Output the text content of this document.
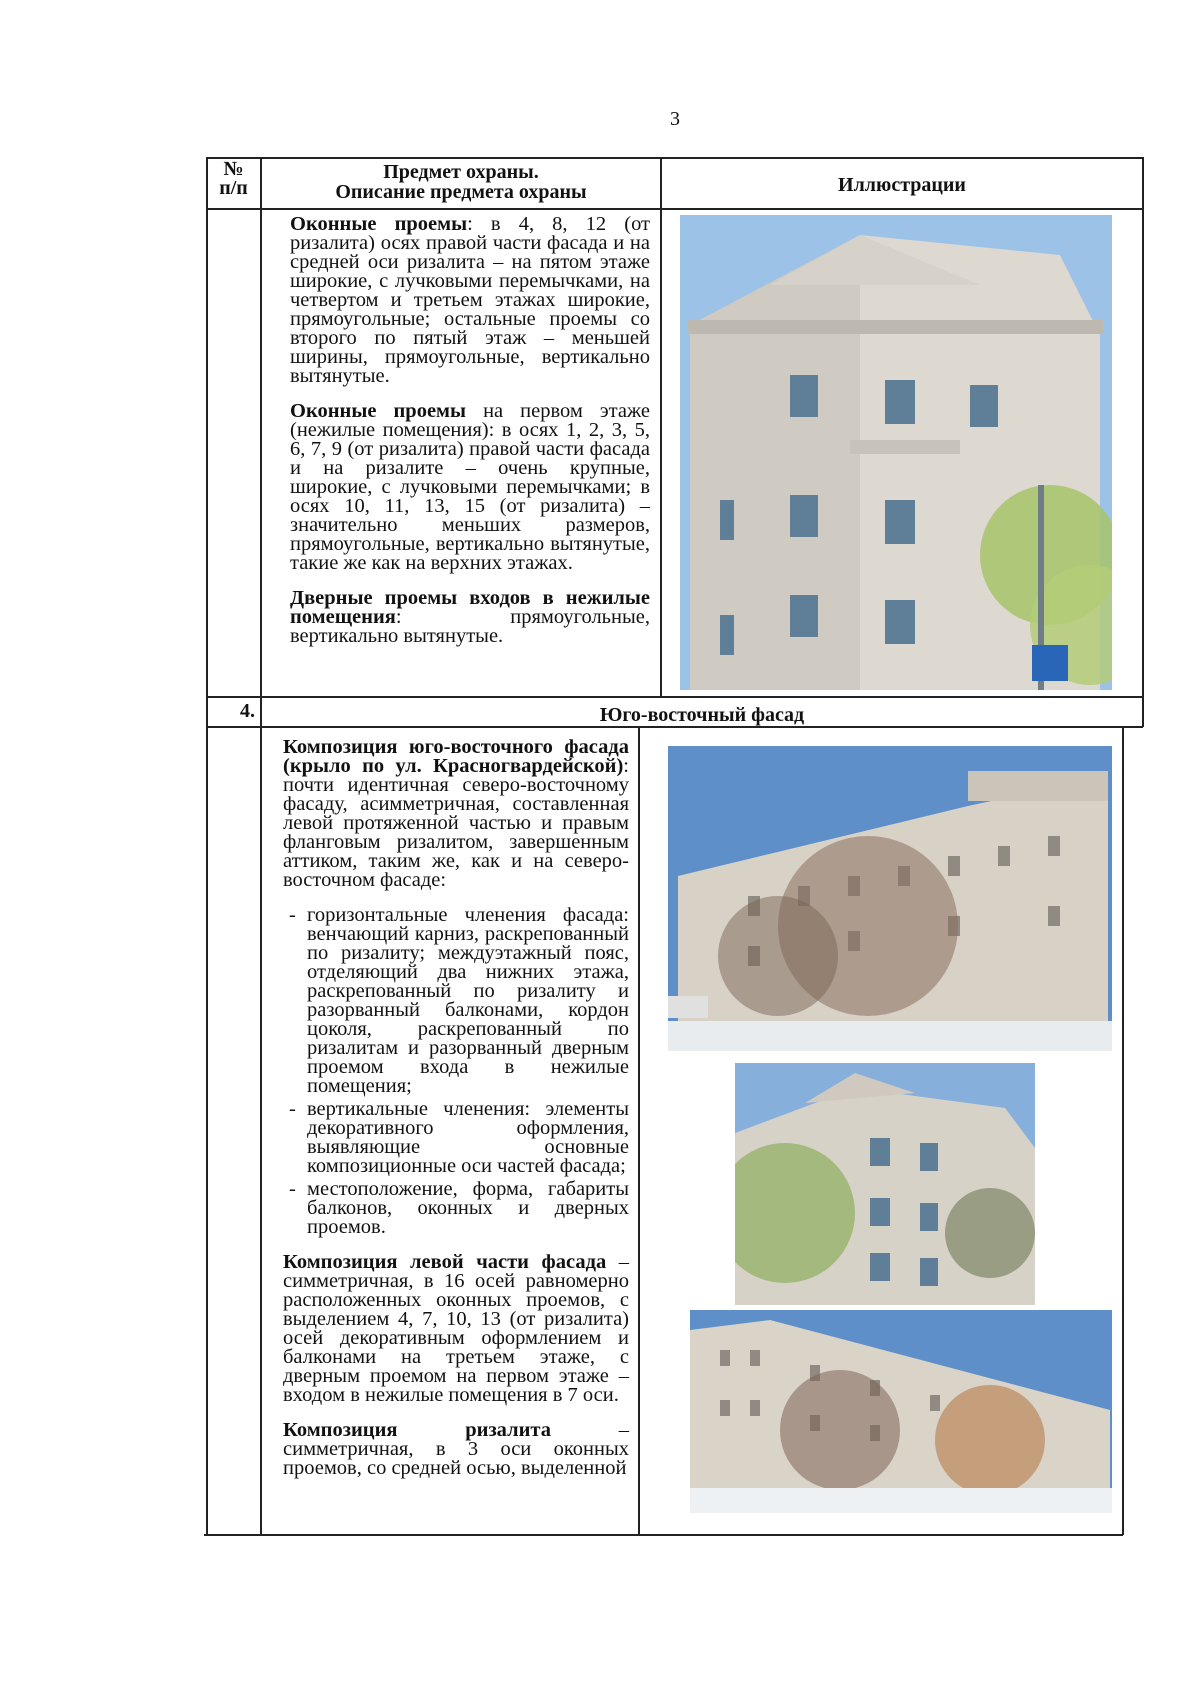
3
№ п/п
Предмет охраны.
Описание предмета охраны	Иллюстрации

Оконные проемы: в 4, 8, 12 (от ризалита) осях правой части фасада и на средней оси ризалита – на пятом этаже широкие, с лучковыми перемычками, на четвертом и третьем этажах широкие, прямоугольные; остальные проемы со второго по пятый этаж – меньшей ширины, прямоугольные, вертикально вытянутые.

Оконные проемы на первом этаже (нежилые помещения): в осях 1, 2, 3, 5, 6, 7, 9 (от ризалита) правой части фасада и на ризалите – очень крупные, широкие, с лучковыми перемычками; в осях 10, 11, 13, 15 (от ризалита) – значительно меньших размеров, прямоугольные, вертикально вытянутые, такие же как на верхних этажах.

Дверные проемы входов в нежилые помещения: прямоугольные, вертикально вытянутые.

4.	Юго-восточный фасад

Композиция юго-восточного фасада (крыло по ул. Красногвардейской): почти идентичная северо-восточному фасаду, асимметричная, составленная левой протяженной частью и правым фланговым ризалитом, завершенным аттиком, таким же, как и на северо-восточном фасаде:

- горизонтальные членения фасада: венчающий карниз, раскрепованный по ризалиту; междуэтажный пояс, отделяющий два нижних этажа, раскрепованный по ризалиту и разорванный балконами, кордон цоколя, раскрепованный по ризалитам и разорванный дверным проемом входа в нежилые помещения;
- вертикальные членения: элементы декоративного оформления, выявляющие основные композиционные оси частей фасада;
- местоположение, форма, габариты балконов, оконных и дверных проемов.

Композиция левой части фасада – симметричная, в 16 осей равномерно расположенных оконных проемов, с выделением 4, 7, 10, 13 (от ризалита) осей декоративным оформлением и балконами на третьем этаже, с дверным проемом на первом этаже – входом в нежилые помещения в 7 оси.

Композиция ризалита – симметричная, в 3 оси оконных проемов, со средней осью, выделенной
